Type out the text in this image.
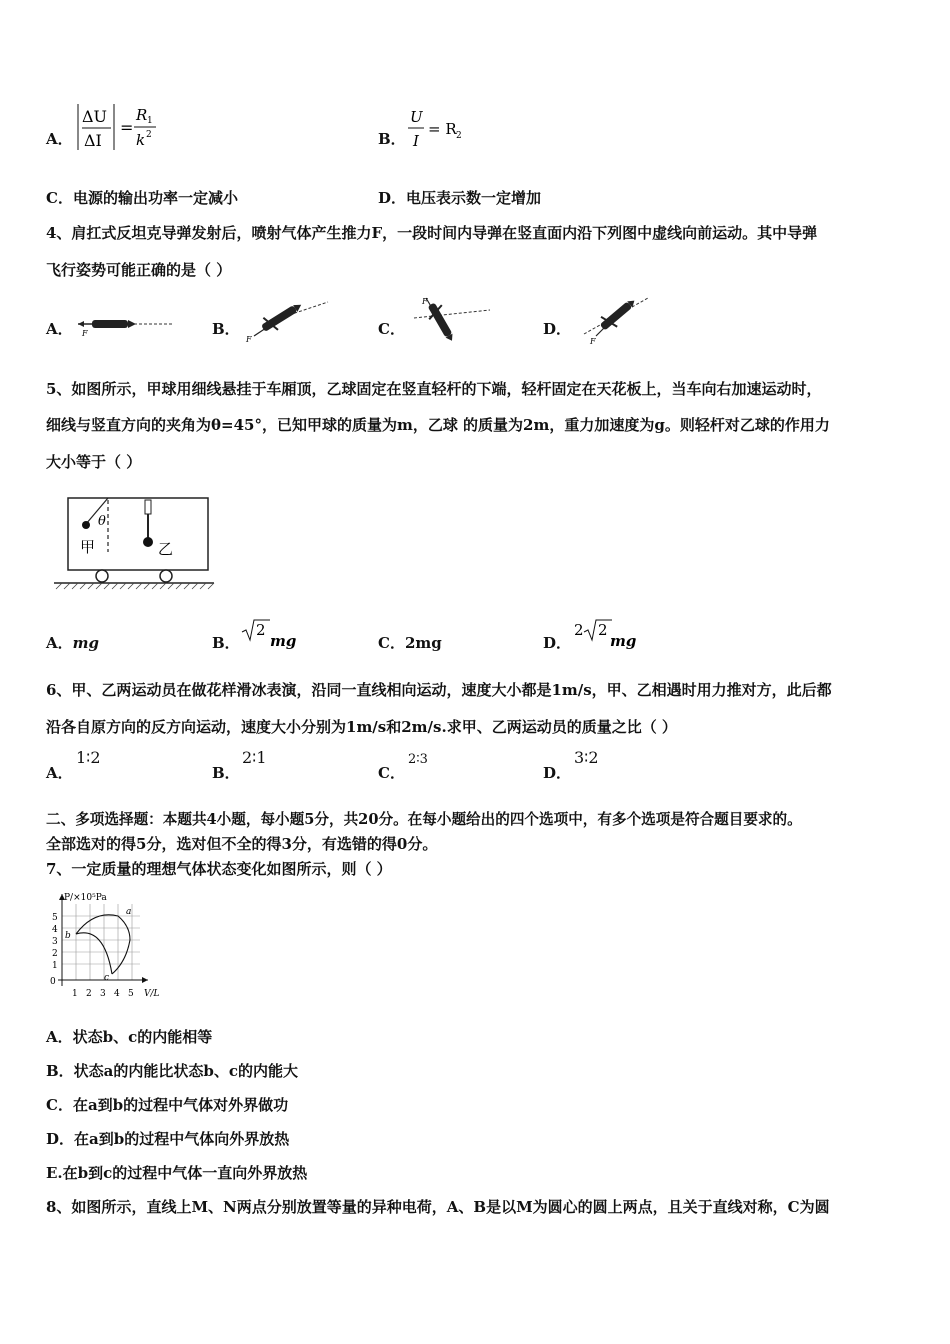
A．
ΔU
ΔI
=
R 1
k 2	B．
U
I
= R 2
C．电源的输出功率一定减小	D．电压表示数一定增加
4、肩扛式反坦克导弹发射后，喷射气体产生推力F，一段时间内导弹在竖直面内沿下列图中虚线向前运动。其中导弹
飞行姿势可能正确的是（ ）
A． F	B．
F
C．
F
D．
F
5、如图所示，甲球用细线悬挂于车厢顶，乙球固定在竖直轻杆的下端，轻杆固定在天花板上，当车向右加速运动时，
细线与竖直方向的夹角为θ=45°，已知甲球的质量为m，乙球 的质量为2m，重力加速度为g。则轻杆对乙球的作用力
大小等于（ ）
θ
甲	乙
A．mg	B．
2
mg	C．2mg	D．
2 2
mg
6、甲、乙两运动员在做花样滑冰表演，沿同一直线相向运动，速度大小都是1m/s，甲、乙相遇时用力推对方，此后都
沿各自原方向的反方向运动，速度大小分别为1m/s和2m/s.求甲、乙两运动员的质量之比（ ）
A．
1∶2
B．
2∶1
C．
2∶3
D．
3∶2
二、多项选择题：本题共4小题，每小题5分，共20分。在每小题给出的四个选项中，有多个选项是符合题目要求的。
全部选对的得5分，选对但不全的得3分，有选错的得0分。
7、一定质量的理想气体状态变化如图所示，则（ ）
P/×10⁵Pa
0
1
2
3
4
5
1 2 3 4 5 V/L
b
a
c
A．状态b、c的内能相等
B．状态a的内能比状态b、c的内能大
C．在a到b的过程中气体对外界做功
D．在a到b的过程中气体向外界放热
E.在b到c的过程中气体一直向外界放热
8、如图所示，直线上M、N两点分别放置等量的异种电荷，A、B是以M为圆心的圆上两点，且关于直线对称，C为圆
